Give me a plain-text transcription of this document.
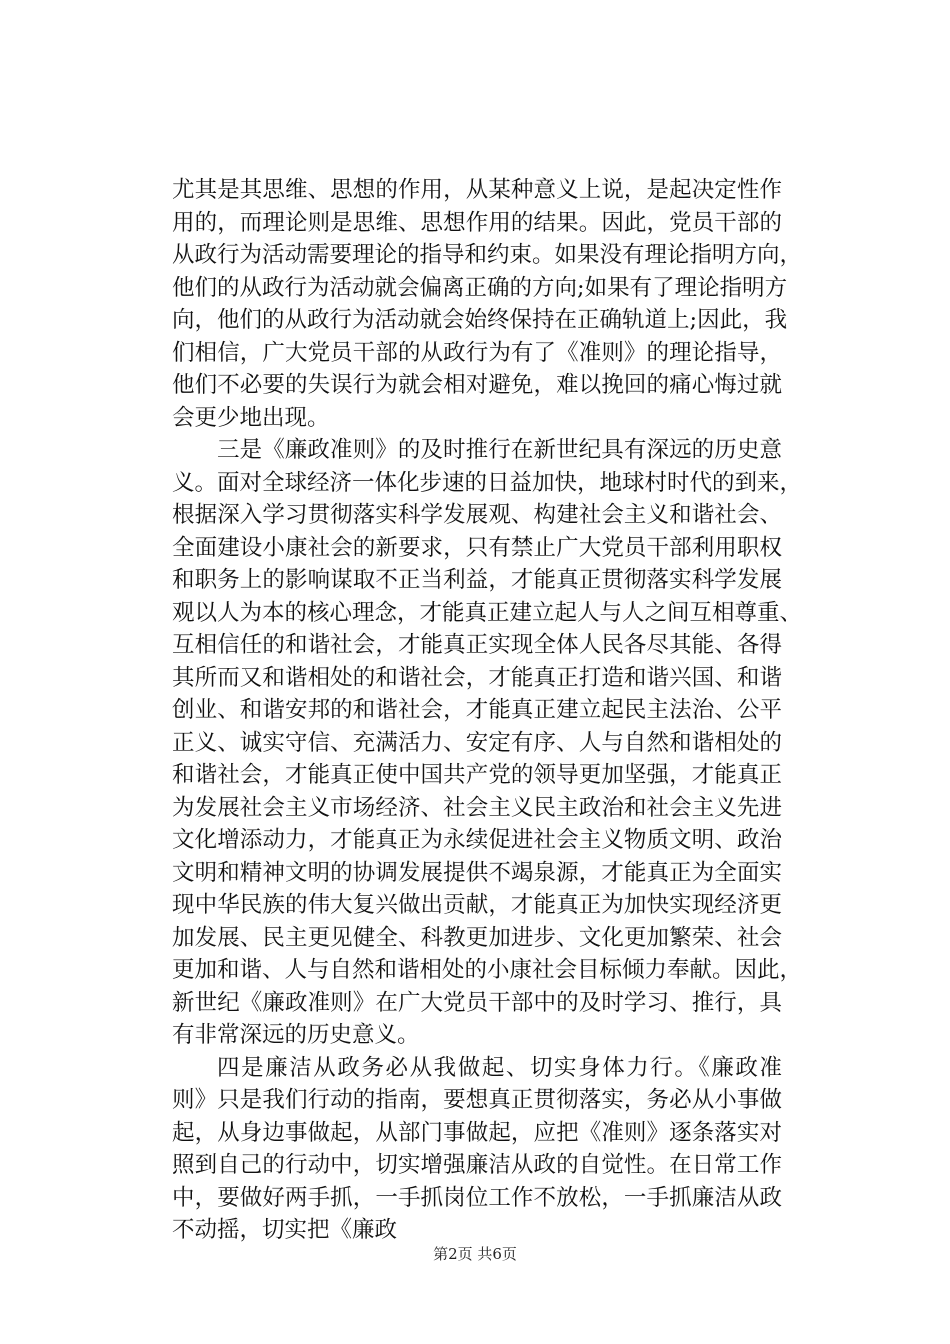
尤其是其思维、思想的作用，从某种意义上说，是起决定性作
用的，而理论则是思维、思想作用的结果。因此，党员干部的
从政行为活动需要理论的指导和约束。如果没有理论指明方向，
他们的从政行为活动就会偏离正确的方向;如果有了理论指明方
向，他们的从政行为活动就会始终保持在正确轨道上;因此，我
们相信，广大党员干部的从政行为有了《准则》的理论指导，
他们不必要的失误行为就会相对避免，难以挽回的痛心悔过就
会更少地出现。
三是《廉政准则》的及时推行在新世纪具有深远的历史意
义。面对全球经济一体化步速的日益加快，地球村时代的到来，
根据深入学习贯彻落实科学发展观、构建社会主义和谐社会、
全面建设小康社会的新要求，只有禁止广大党员干部利用职权
和职务上的影响谋取不正当利益，才能真正贯彻落实科学发展
观以人为本的核心理念，才能真正建立起人与人之间互相尊重、
互相信任的和谐社会，才能真正实现全体人民各尽其能、各得
其所而又和谐相处的和谐社会，才能真正打造和谐兴国、和谐
创业、和谐安邦的和谐社会，才能真正建立起民主法治、公平
正义、诚实守信、充满活力、安定有序、人与自然和谐相处的
和谐社会，才能真正使中国共产党的领导更加坚强，才能真正
为发展社会主义市场经济、社会主义民主政治和社会主义先进
文化增添动力，才能真正为永续促进社会主义物质文明、政治
文明和精神文明的协调发展提供不竭泉源，才能真正为全面实
现中华民族的伟大复兴做出贡献，才能真正为加快实现经济更
加发展、民主更见健全、科教更加进步、文化更加繁荣、社会
更加和谐、人与自然和谐相处的小康社会目标倾力奉献。因此，
新世纪《廉政准则》在广大党员干部中的及时学习、推行，具
有非常深远的历史意义。
四是廉洁从政务必从我做起、切实身体力行。《廉政准
则》只是我们行动的指南，要想真正贯彻落实，务必从小事做
起，从身边事做起，从部门事做起，应把《准则》逐条落实对
照到自己的行动中，切实增强廉洁从政的自觉性。在日常工作
中，要做好两手抓，一手抓岗位工作不放松，一手抓廉洁从政
不动摇，切实把《廉政
第2页 共6页
